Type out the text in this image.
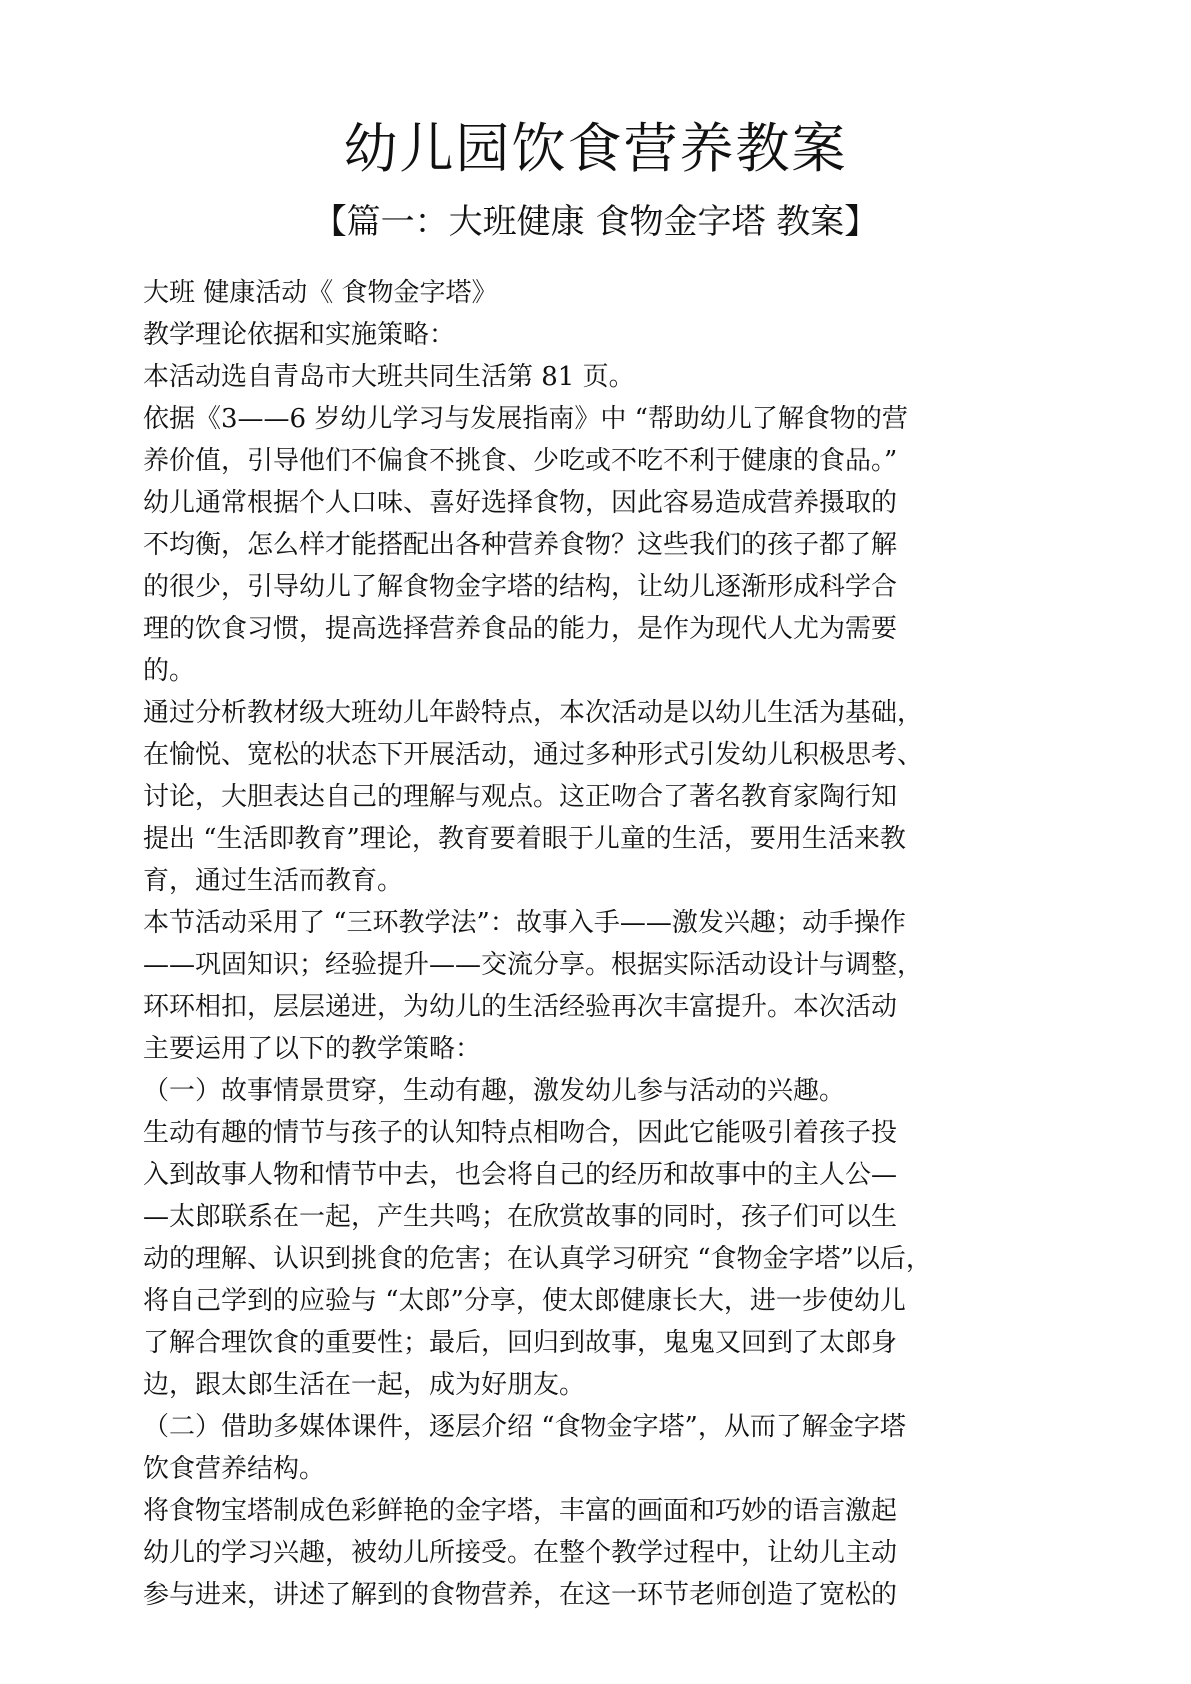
幼儿园饮食营养教案
【篇一：大班健康 食物金字塔 教案】
大班 健康活动《 食物金字塔》
教学理论依据和实施策略：
本活动选自青岛市大班共同生活第 81 页。
依据《3——6 岁幼儿学习与发展指南》中 “帮助幼儿了解食物的营
养价值，引导他们不偏食不挑食、少吃或不吃不利于健康的食品。”
幼儿通常根据个人口味、喜好选择食物，因此容易造成营养摄取的
不均衡，怎么样才能搭配出各种营养食物？这些我们的孩子都了解
的很少，引导幼儿了解食物金字塔的结构，让幼儿逐渐形成科学合
理的饮食习惯，提高选择营养食品的能力，是作为现代人尤为需要
的。
通过分析教材级大班幼儿年龄特点，本次活动是以幼儿生活为基础，
在愉悦、宽松的状态下开展活动，通过多种形式引发幼儿积极思考、
讨论，大胆表达自己的理解与观点。这正吻合了著名教育家陶行知
提出 “生活即教育”理论，教育要着眼于儿童的生活，要用生活来教
育，通过生活而教育。
本节活动采用了 “三环教学法”：故事入手——激发兴趣；动手操作
——巩固知识；经验提升——交流分享。根据实际活动设计与调整，
环环相扣，层层递进，为幼儿的生活经验再次丰富提升。本次活动
主要运用了以下的教学策略：
（一）故事情景贯穿，生动有趣，激发幼儿参与活动的兴趣。
生动有趣的情节与孩子的认知特点相吻合，因此它能吸引着孩子投
入到故事人物和情节中去，也会将自己的经历和故事中的主人公—
—太郎联系在一起，产生共鸣；在欣赏故事的同时，孩子们可以生
动的理解、认识到挑食的危害；在认真学习研究 “食物金字塔”以后，
将自己学到的应验与 “太郎”分享，使太郎健康长大，进一步使幼儿
了解合理饮食的重要性；最后，回归到故事，鬼鬼又回到了太郎身
边，跟太郎生活在一起，成为好朋友。
（二）借助多媒体课件，逐层介绍 “食物金字塔”，从而了解金字塔
饮食营养结构。
将食物宝塔制成色彩鲜艳的金字塔，丰富的画面和巧妙的语言激起
幼儿的学习兴趣，被幼儿所接受。在整个教学过程中，让幼儿主动
参与进来，讲述了解到的食物营养，在这一环节老师创造了宽松的
